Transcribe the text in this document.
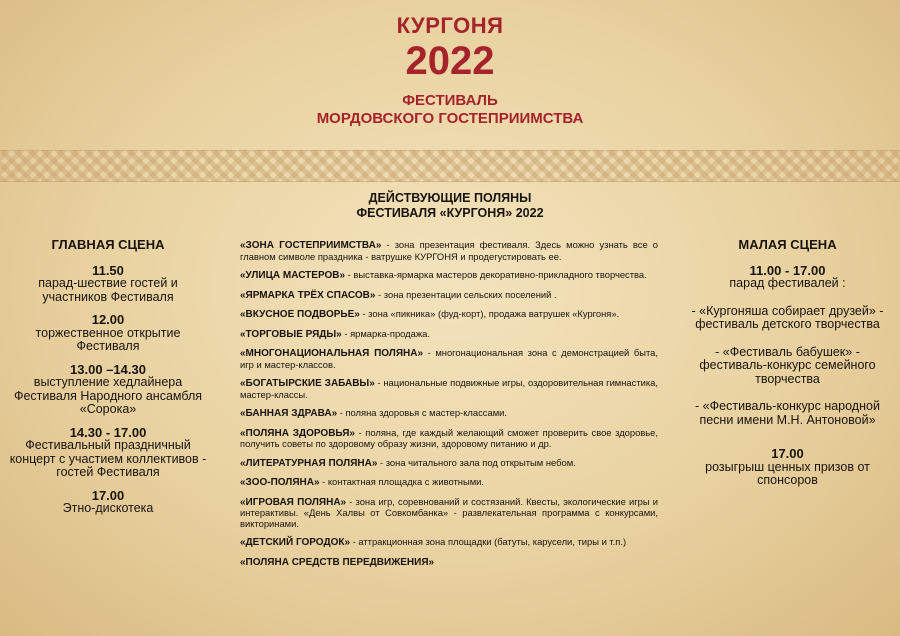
КУРГОНЯ
2022
ФЕСТИВАЛЬ
МОРДОВСКОГО ГОСТЕПРИИМСТВА
ДЕЙСТВУЮЩИЕ ПОЛЯНЫ
ФЕСТИВАЛЯ «КУРГОНЯ» 2022
ГЛАВНАЯ СЦЕНА
11.50
парад-шествие гостей и участников Фестиваля
12.00
торжественное открытие Фестиваля
13.00 –14.30
выступление хедлайнера Фестиваля Народного ансамбля «Сорока»
14.30 - 17.00
Фестивальный праздничный концерт с участием коллективов - гостей Фестиваля
17.00
Этно-дискотека
«ЗОНА ГОСТЕПРИИМСТВА» - зона презентация фестиваля. Здесь можно узнать все о главном символе праздника - ватрушке КУРГОНЯ и продегустировать ее.
«УЛИЦА МАСТЕРОВ» - выставка-ярмарка мастеров декоративно-прикладного творчества.
«ЯРМАРКА ТРЁХ СПАСОВ» - зона презентации сельских поселений .
«ВКУСНОЕ ПОДВОРЬЕ» - зона «пикника» (фуд-корт), продажа ватрушек «Кургоня».
«ТОРГОВЫЕ РЯДЫ» - ярмарка-продажа.
«МНОГОНАЦИОНАЛЬНАЯ ПОЛЯНА» - многонациональная зона с демонстрацией быта, игр и мастер-классов.
«БОГАТЫРСКИЕ ЗАБАВЫ» - национальные подвижные игры, оздоровительная гимнастика, мастер-классы.
«БАННАЯ ЗДРАВА» - поляна здоровья с мастер-классами.
«ПОЛЯНА ЗДОРОВЬЯ» - поляна, где каждый желающий сможет проверить свое здоровье, получить советы по здоровому образу жизни, здоровому питанию и др.
«ЛИТЕРАТУРНАЯ ПОЛЯНА» - зона читального зала под открытым небом.
«ЗОО-ПОЛЯНА» - контактная площадка с животными.
«ИГРОВАЯ ПОЛЯНА» - зона игр, соревнований и состязаний. Квесты, экологические игры и интерактивы. «День Халвы от Совкомбанка» - развлекательная программа с конкурсами, викторинами.
«ДЕТСКИЙ ГОРОДОК» - аттракционная зона площадки (батуты, карусели, тиры и т.п.)
«ПОЛЯНА СРЕДСТВ ПЕРЕДВИЖЕНИЯ»
МАЛАЯ СЦЕНА
11.00 - 17.00
парад фестивалей :
- «Кургоняша собирает друзей» - фестиваль детского творчества
- «Фестиваль бабушек» - фестиваль-конкурс семейного творчества
- «Фестиваль-конкурс народной песни имени М.Н. Антоновой»
17.00
розыгрыш ценных призов от спонсоров
